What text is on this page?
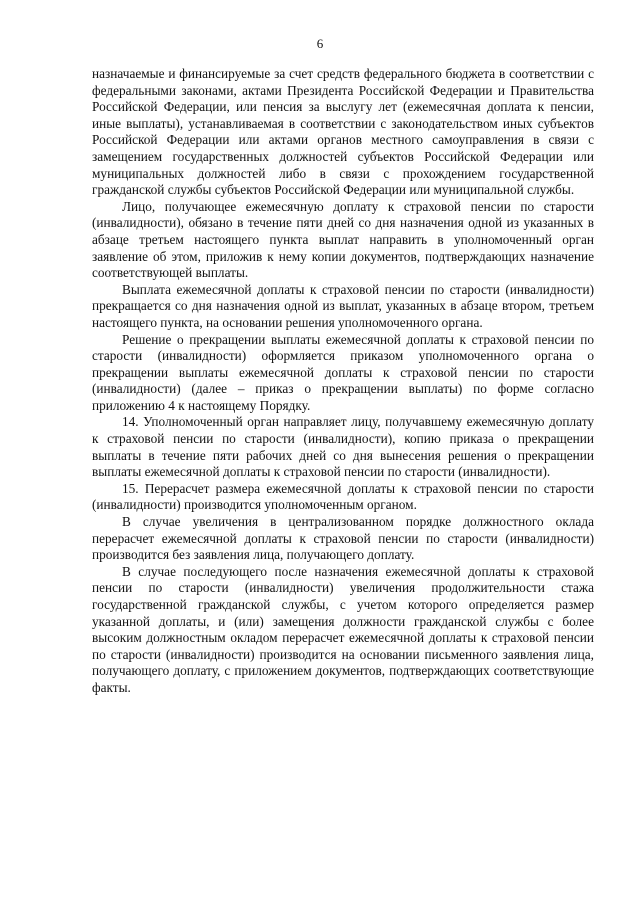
6

назначаемые и финансируемые за счет средств федерального бюджета в соответствии с федеральными законами, актами Президента Российской Федерации и Правительства Российской Федерации, или пенсия за выслугу лет (ежемесячная доплата к пенсии, иные выплаты), устанавливаемая в соответствии с законодательством иных субъектов Российской Федерации или актами органов местного самоуправления в связи с замещением государственных должностей субъектов Российской Федерации или муниципальных должностей либо в связи с прохождением государственной гражданской службы субъектов Российской Федерации или муниципальной службы.

Лицо, получающее ежемесячную доплату к страховой пенсии по старости (инвалидности), обязано в течение пяти дней со дня назначения одной из указанных в абзаце третьем настоящего пункта выплат направить в уполномоченный орган заявление об этом, приложив к нему копии документов, подтверждающих назначение соответствующей выплаты.

Выплата ежемесячной доплаты к страховой пенсии по старости (инвалидности) прекращается со дня назначения одной из выплат, указанных в абзаце втором, третьем настоящего пункта, на основании решения уполномоченного органа.

Решение о прекращении выплаты ежемесячной доплаты к страховой пенсии по старости (инвалидности) оформляется приказом уполномоченного органа о прекращении выплаты ежемесячной доплаты к страховой пенсии по старости (инвалидности) (далее – приказ о прекращении выплаты) по форме согласно приложению 4 к настоящему Порядку.

14. Уполномоченный орган направляет лицу, получавшему ежемесячную доплату к страховой пенсии по старости (инвалидности), копию приказа о прекращении выплаты в течение пяти рабочих дней со дня вынесения решения о прекращении выплаты ежемесячной доплаты к страховой пенсии по старости (инвалидности).

15. Перерасчет размера ежемесячной доплаты к страховой пенсии по старости (инвалидности) производится уполномоченным органом.

В случае увеличения в централизованном порядке должностного оклада перерасчет ежемесячной доплаты к страховой пенсии по старости (инвалидности) производится без заявления лица, получающего доплату.

В случае последующего после назначения ежемесячной доплаты к страховой пенсии по старости (инвалидности) увеличения продолжительности стажа государственной гражданской службы, с учетом которого определяется размер указанной доплаты, и (или) замещения должности гражданской службы с более высоким должностным окладом перерасчет ежемесячной доплаты к страховой пенсии по старости (инвалидности) производится на основании письменного заявления лица, получающего доплату, с приложением документов, подтверждающих соответствующие факты.
